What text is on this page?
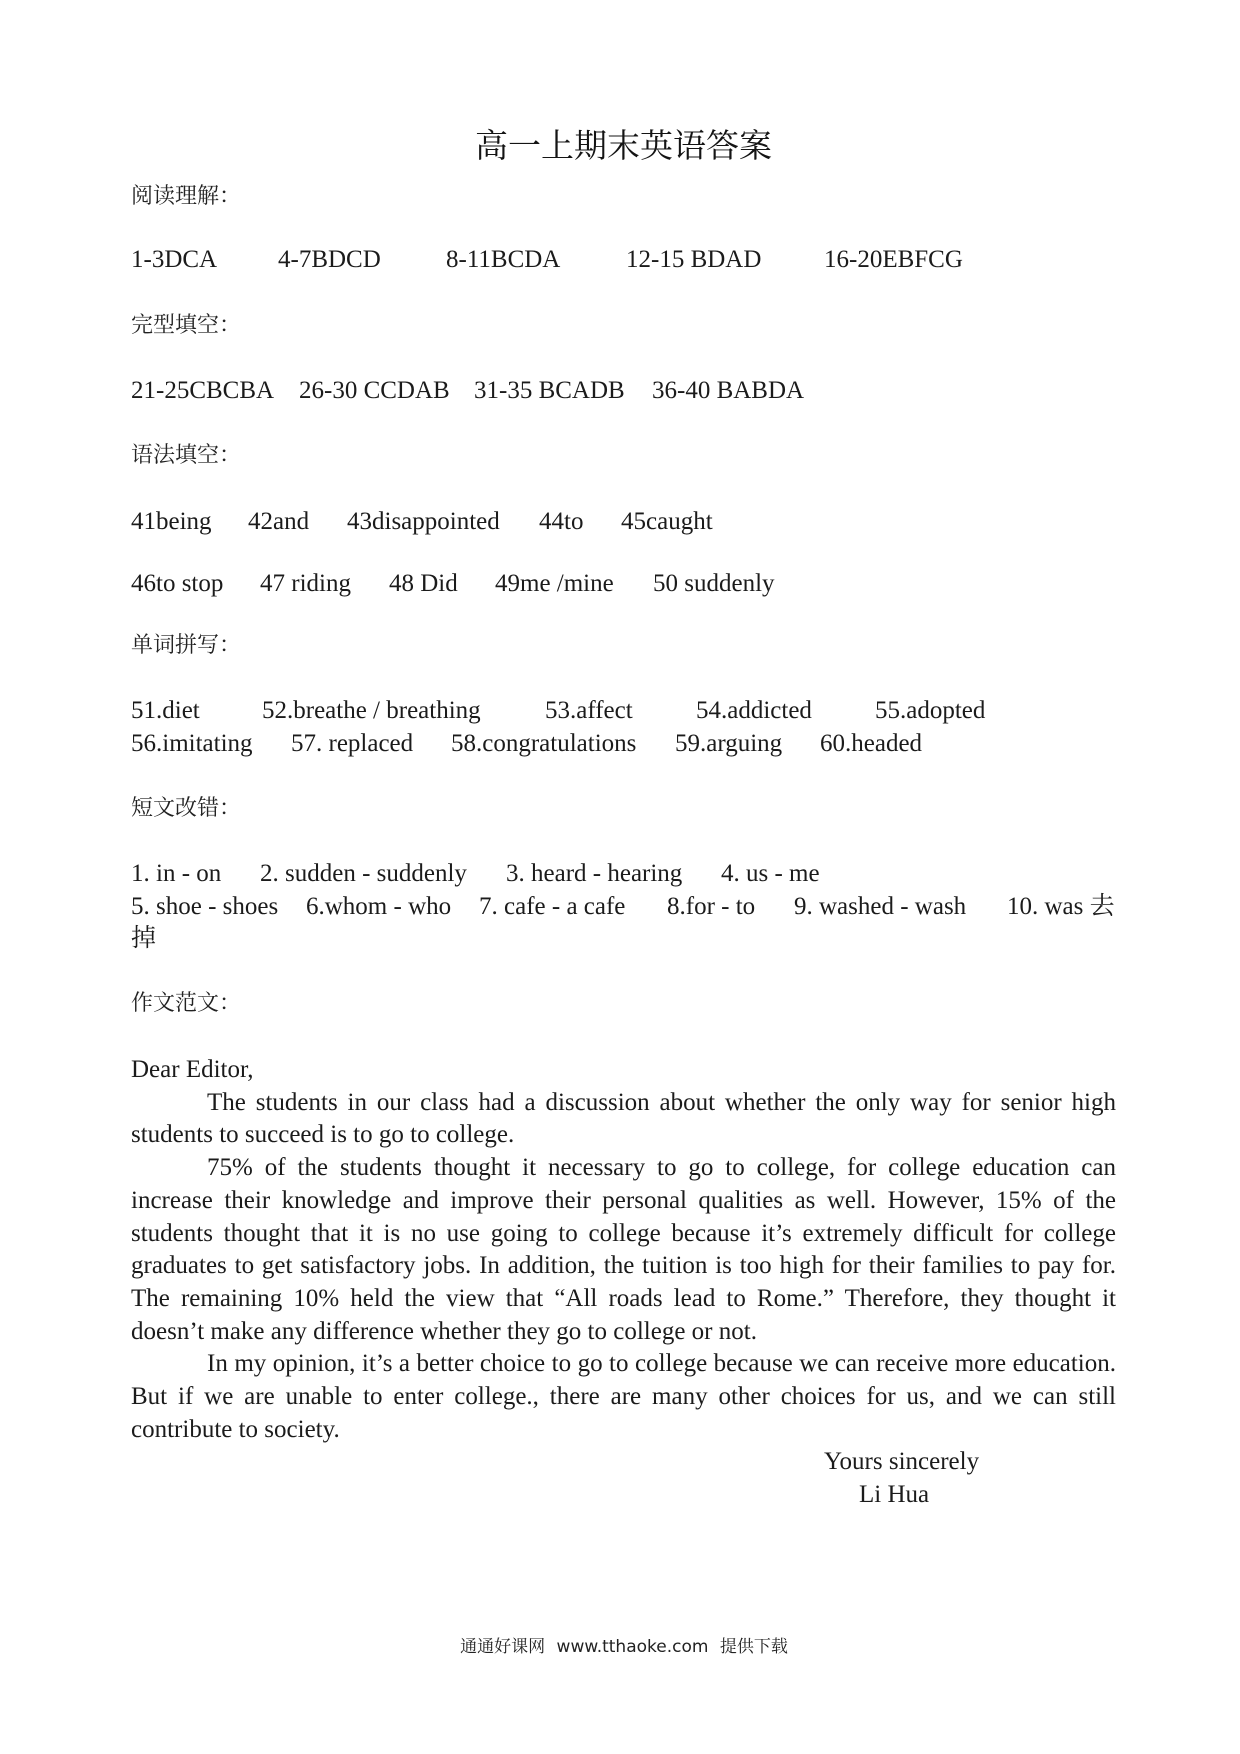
高一上期末英语答案
阅读理解：
1-3DCA 4-7BDCD	8-11BCDA	12-15 BDAD	16-20EBFCG
完型填空：
21-25CBCBA 26-30 CCDAB 31-35 BCADB 36-40 BABDA
语法填空：
41being 42and 43disappointed 44to 45caught
46to stop 47 riding 48 Did 49me /mine 50 suddenly
单词拼写：
51.diet 52.breathe / breathing	53.affect	54.addicted	55.adopted
56.imitating 57. replaced 58.congratulations 59.arguing 60.headed
短文改错：
1. in - on 2. sudden - suddenly 3. heard - hearing 4. us - me
5. shoe - shoes 6.whom - who 7. cafe - a cafe 8.for - to 9. washed - wash 10. was 去掉
作文范文：
Dear Editor,
The students in our class had a discussion about whether the only way for senior high
students to succeed is to go to college.
75% of the students thought it necessary to go to college, for college education can
increase their knowledge and improve their personal qualities as well. However, 15% of the
students thought that it is no use going to college because it’s extremely difficult for college
graduates to get satisfactory jobs. In addition, the tuition is too high for their families to pay for.
The remaining 10% held the view that “All roads lead to Rome.” Therefore, they thought it
doesn’t make any difference whether they go to college or not.
In my opinion, it’s a better choice to go to college because we can receive more education.
But if we are unable to enter college., there are many other choices for us, and we can still
contribute to society.
Yours sincerely
Li Hua
通通好课网 www.tthaoke.com 提供下载
